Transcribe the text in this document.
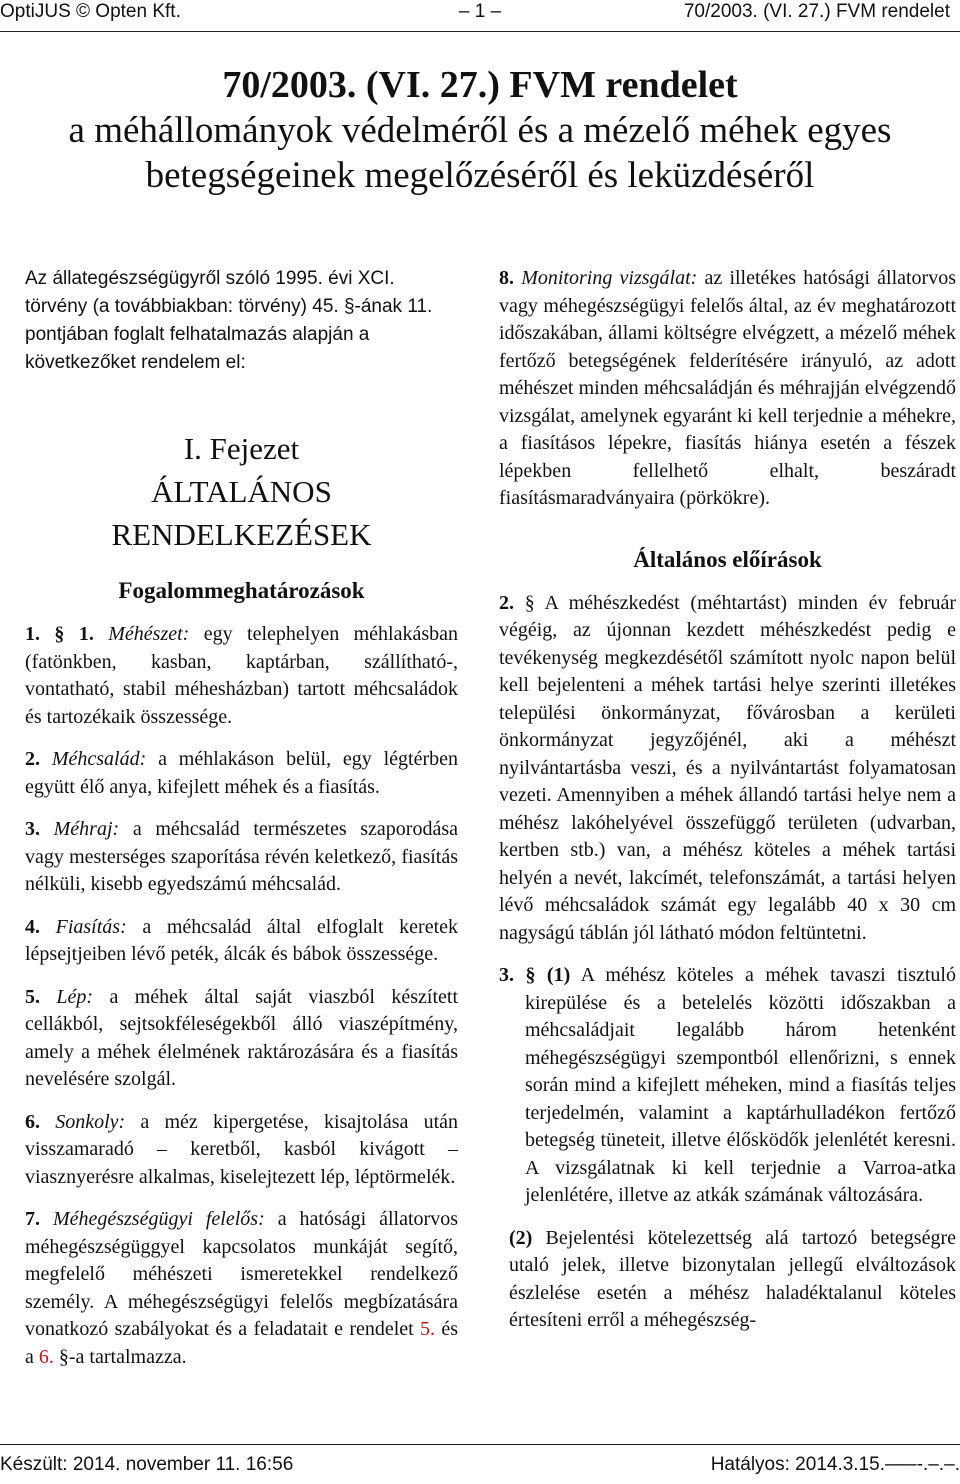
OptiJUS © Opten Kft.	– 1 –	70/2003. (VI. 27.) FVM rendelet
70/2003. (VI. 27.) FVM rendelet
a méhállományok védelméről és a mézelő méhek egyes
betegségeinek megelőzéséről és leküzdéséről

Az állategészségügyről szóló 1995. évi XCI. törvény (a továbbiakban: törvény) 45. §-ának 11. pontjában foglalt felhatalmazás alapján a következőket rendelem el:

I. Fejezet
ÁLTALÁNOS
RENDELKEZÉSEK
Fogalommeghatározások

1. § 1. Méhészet: egy telephelyen méhlakásban (fatönkben, kasban, kaptárban, szállítható-, vontatható, stabil méhesházban) tartott méhcsaládok és tartozékaik összessége.

2. Méhcsalád: a méhlakáson belül, egy légtérben együtt élő anya, kifejlett méhek és a fiasítás.

3. Méhraj: a méhcsalád természetes szaporodása vagy mesterséges szaporítása révén keletkező, fiasítás nélküli, kisebb egyedszámú méhcsalád.

4. Fiasítás: a méhcsalád által elfoglalt keretek lépsejtjeiben lévő peték, álcák és bábok összessége.

5. Lép: a méhek által saját viaszból készített cellákból, sejtsokféleségekből álló viaszépítmény, amely a méhek élelmének raktározására és a fiasítás nevelésére szolgál.

6. Sonkoly: a méz kipergetése, kisajtolása után visszamaradó – keretből, kasból kivágott – viasznyerésre alkalmas, kiselejtezett lép, léptörmelék.

7. Méhegészségügyi felelős: a hatósági állatorvos méhegészségüggyel kapcsolatos munkáját segítő, megfelelő méhészeti ismeretekkel rendelkező személy. A méhegészségügyi felelős megbízatására vonatkozó szabályokat és a feladatait e rendelet 5. és a 6. §-a tartalmazza.

8. Monitoring vizsgálat: az illetékes hatósági állatorvos vagy méhegészségügyi felelős által, az év meghatározott időszakában, állami költségre elvégzett, a mézelő méhek fertőző betegségének felderítésére irányuló, az adott méhészet minden méhcsaládján és méhrajján elvégzendő vizsgálat, amelynek egyaránt ki kell terjednie a méhekre, a fiasításos lépekre, fiasítás hiánya esetén a fészek lépekben fellelhető elhalt, beszáradt fiasításmaradványaira (pörkökre).

Általános előírások

2. § A méhészkedést (méhtartást) minden év február végéig, az újonnan kezdett méhészkedést pedig e tevékenység megkezdésétől számított nyolc napon belül kell bejelenteni a méhek tartási helye szerinti illetékes települési önkormányzat, fővárosban a kerületi önkormányzat jegyzőjénél, aki a méhészt nyilvántartásba veszi, és a nyilvántartást folyamatosan vezeti. Amennyiben a méhek állandó tartási helye nem a méhész lakóhelyével összefüggő területen (udvarban, kertben stb.) van, a méhész köteles a méhek tartási helyén a nevét, lakcímét, telefonszámát, a tartási helyen lévő méhcsaládok számát egy legalább 40 x 30 cm nagyságú táblán jól látható módon feltüntetni.

3. § (1) A méhész köteles a méhek tavaszi tisztuló kirepülése és a betelelés közötti időszakban a méhcsaládjait legalább három hetenként méhegészségügyi szempontból ellenőrizni, s ennek során mind a kifejlett méheken, mind a fiasítás teljes terjedelmén, valamint a kaptárhulladékon fertőző betegség tüneteit, illetve élősködők jelenlétét keresni. A vizsgálatnak ki kell terjednie a Varroa-atka jelenlétére, illetve az atkák számának változására.

(2) Bejelentési kötelezettség alá tartozó betegségre utaló jelek, illetve bizonytalan jellegű elváltozások észlelése esetén a méhész haladéktalanul köteles értesíteni erről a méhegészség-

Készült: 2014. november 11. 16:56	Hatályos: 2014.3.15.–––-.–.–.
